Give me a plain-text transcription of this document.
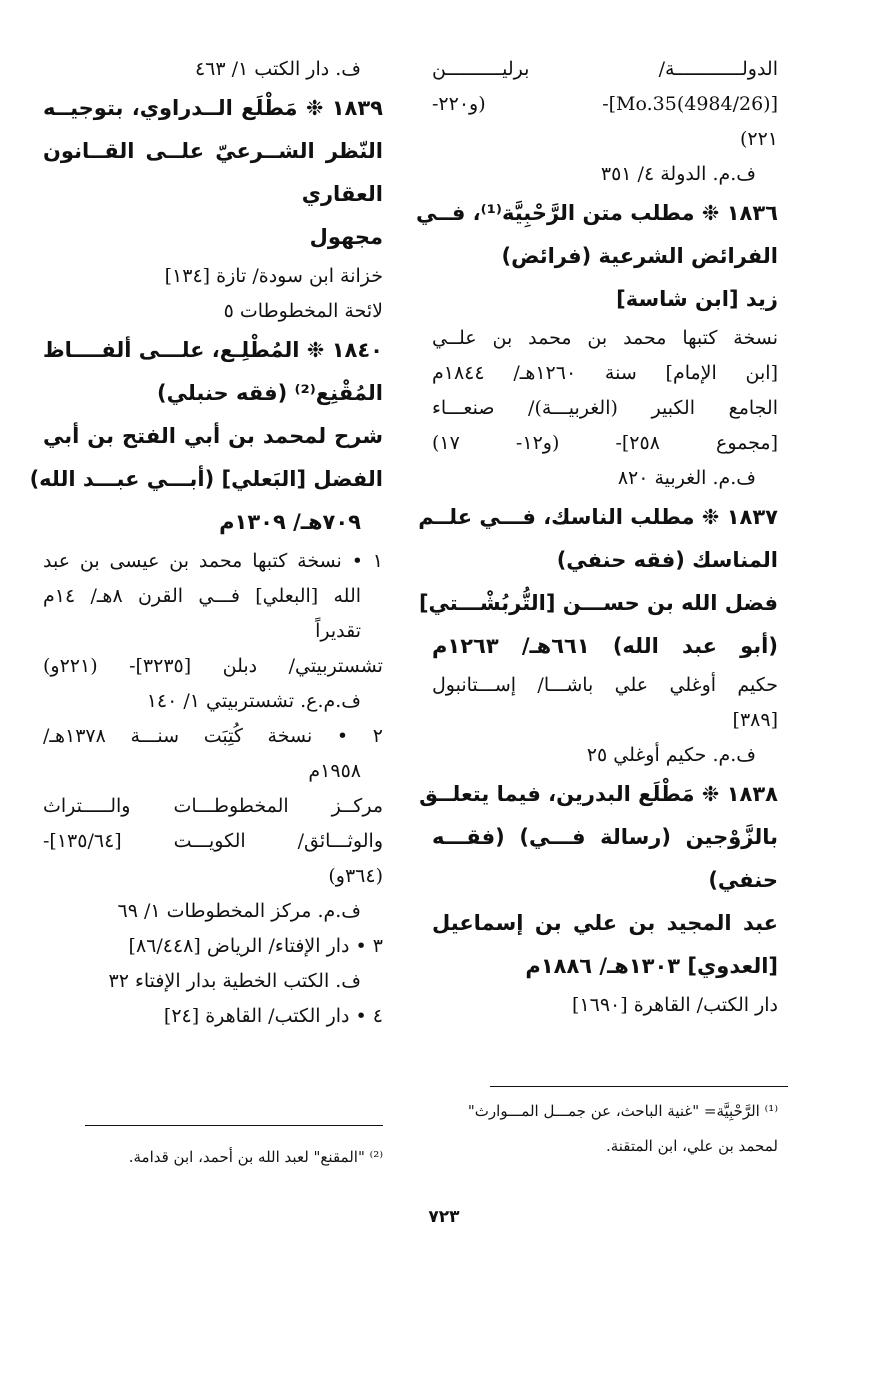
الدولــــــــــــة/ برليــــــــــن

[(4984/26)Mo.35]- (و٢٢٠-

٢٢١)

ف.م. الدولة ٤/ ٣٥١

١٨٣٦ ❉ مطلب متن الرَّحْبِيَّة⁽¹⁾، فــي

الفرائض الشرعية (فرائض)

زيد [ابن شاسة]

نسخة كتبها محمد بن محمد بن علــي

[ابن الإمام] سنة ١٢٦٠هـ/ ١٨٤٤م

الجامع الكبير (الغربيـــة)/ صنعـــاء

[مجموع ٢٥٨]- (و١٢- ١٧)

ف.م. الغربية ٨٢٠

١٨٣٧ ❉ مطلب الناسك، فـــي علــم

المناسك (فقه حنفي)

فضل الله بن حســـن [التُّربُشْـــتي]

(أبو عبد الله) ٦٦١هـ/ ١٢٦٣م

حكيم أوغلي علي باشـــا/ إســـتانبول

[٣٨٩]

ف.م. حكيم أوغلي ٢٥

١٨٣٨ ❉ مَطْلَع البدرين، فيما يتعلــق

بالزَّوْجين (رسالة فـــي) (فقـــه

حنفي)

عبد المجيد بن علي بن إسماعيل

[العدوي] ١٣٠٣هـ/ ١٨٨٦م

دار الكتب/ القاهرة [١٦٩٠]

ف. دار الكتب ١/ ٤٦٣

١٨٣٩ ❉ مَطْلَع الــدراوي، بتوجيــه

النّظر الشــرعيّ علــى القــانون

العقاري

مجهول

خزانة ابن سودة/ تازة [١٣٤]

لائحة المخطوطات ٥

١٨٤٠ ❉ المُطْلِـع، علـــى ألفــــاظ

المُقْنِع⁽²⁾ (فقه حنبلي)

شرح لمحمد بن أبي الفتح بن أبي

الفضل [البَعلي] (أبـــي عبـــد الله)

٧٠٩هـ/ ١٣٠٩م

١ • نسخة كتبها محمد بن عيسى بن عبد

الله [البعلي] فـــي القرن ٨هـ/ ١٤م

تقديراً

تشستربيتي/ دبلن [٣٢٣٥]- (٢٢١و)

ف.م.ع. تشستربيتي ١/ ١٤٠

٢ • نسخة كُتِبَت سنـــة ١٣٧٨هـ/

١٩٥٨م

مركــز المخطوطـــات والـــــتراث

والوثـــائق/ الكويـــت [١٣٥/٦٤]-

(٣٦٤و)

ف.م. مركز المخطوطات ١/ ٦٩

٣ • دار الإفتاء/ الرياض [٨٦/٤٤٨]

ف. الكتب الخطية بدار الإفتاء ٣٢

٤ • دار الكتب/ القاهرة [٢٤]

⁽¹⁾ الرَّحْبِيَّة= "غنية الباحث، عن جمـــل المـــوارث"
لمحمد بن علي، ابن المتقنة.
⁽²⁾ "المقنع" لعبد الله بن أحمد، ابن قدامة.
٧٢٣
